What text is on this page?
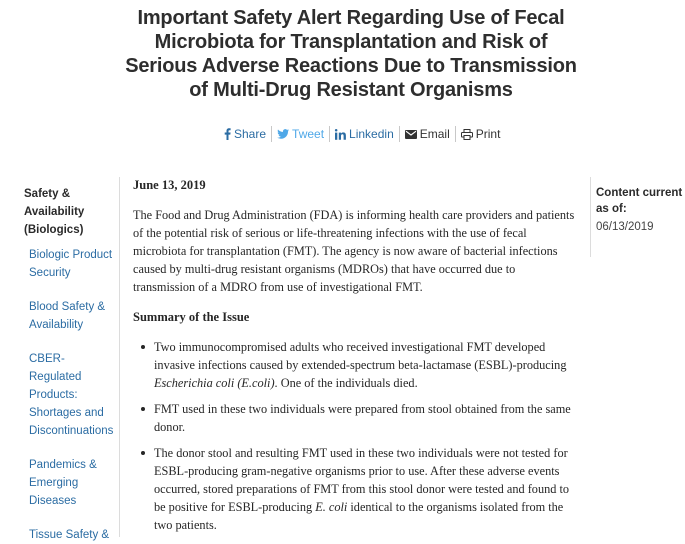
Important Safety Alert Regarding Use of Fecal Microbiota for Transplantation and Risk of Serious Adverse Reactions Due to Transmission of Multi-Drug Resistant Organisms
Share Tweet Linkedin Email Print
Safety & Availability (Biologics)
Biologic Product Security
Blood Safety & Availability
CBER-Regulated Products: Shortages and Discontinuations
Pandemics & Emerging Diseases
Tissue Safety &
June 13, 2019

The Food and Drug Administration (FDA) is informing health care providers and patients of the potential risk of serious or life-threatening infections with the use of fecal microbiota for transplantation (FMT). The agency is now aware of bacterial infections caused by multi-drug resistant organisms (MDROs) that have occurred due to transmission of a MDRO from use of investigational FMT.

Summary of the Issue
Two immunocompromised adults who received investigational FMT developed invasive infections caused by extended-spectrum beta-lactamase (ESBL)-producing Escherichia coli (E.coli). One of the individuals died.
FMT used in these two individuals were prepared from stool obtained from the same donor.
The donor stool and resulting FMT used in these two individuals were not tested for ESBL-producing gram-negative organisms prior to use. After these adverse events occurred, stored preparations of FMT from this stool donor were tested and found to be positive for ESBL-producing E. coli identical to the organisms isolated from the two patients.
Content current as of:
06/13/2019
